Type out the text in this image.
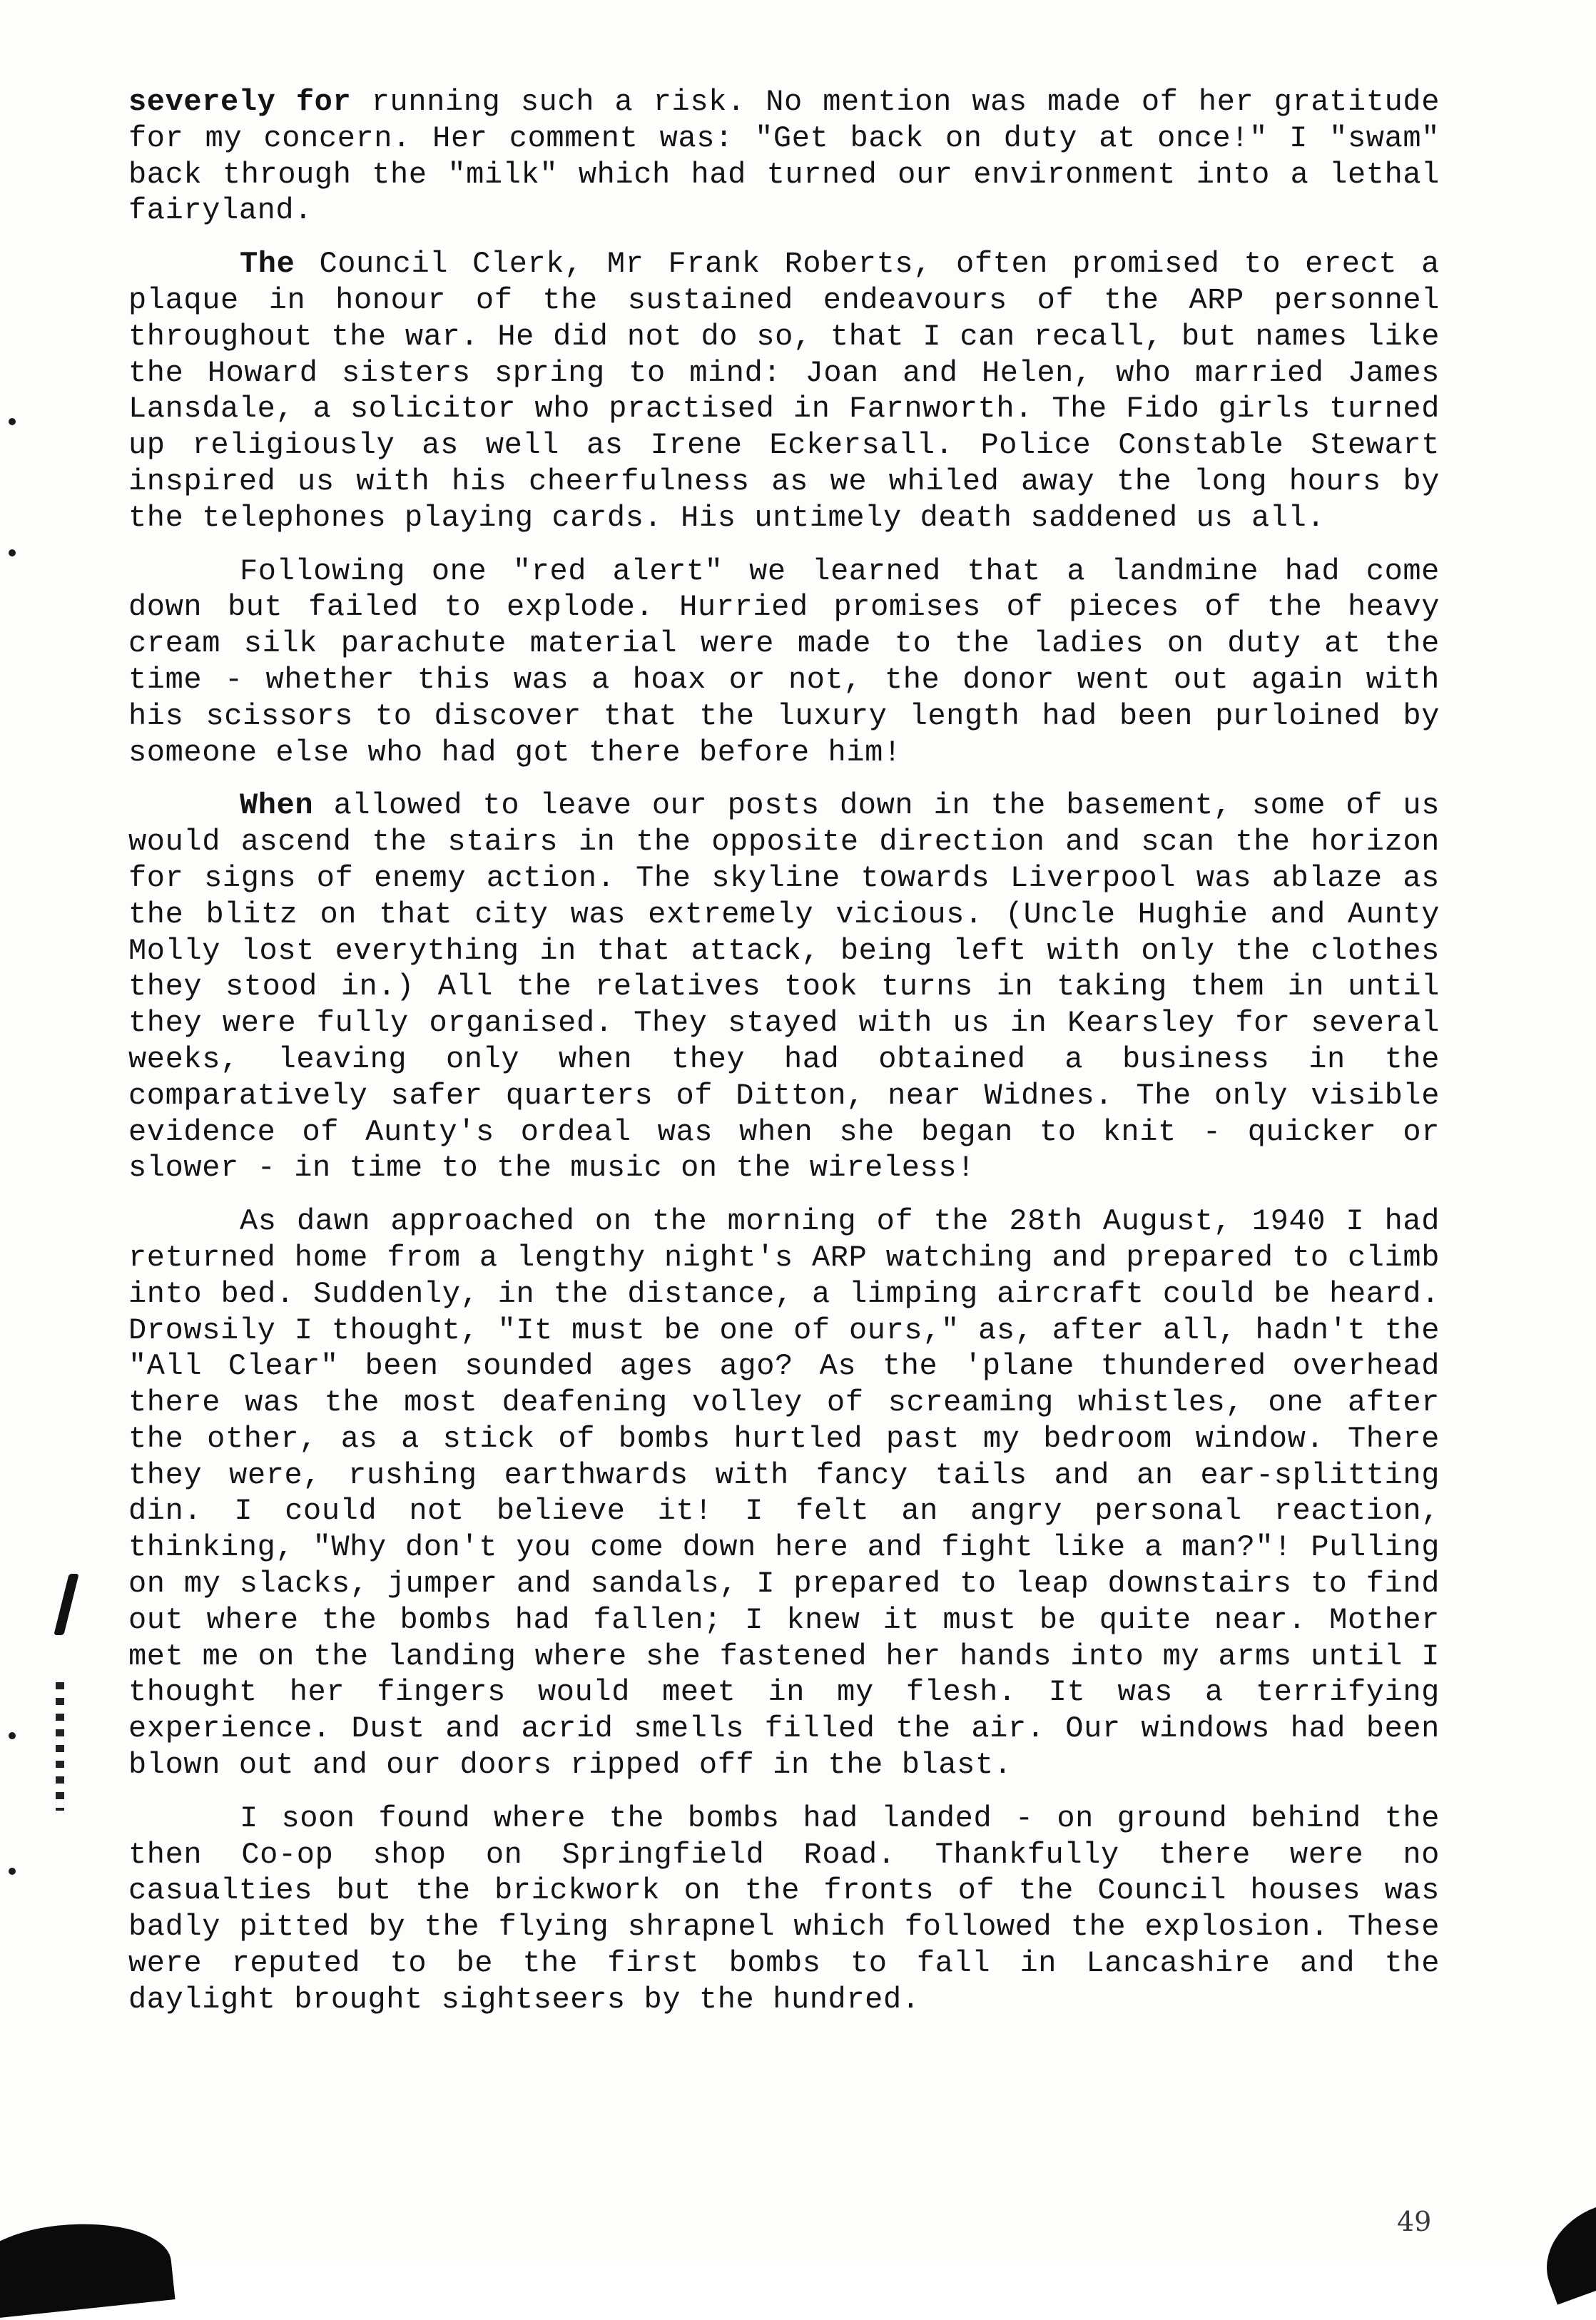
severely for running such a risk. No mention was made of her gratitude for my concern. Her comment was: "Get back on duty at once!" I "swam" back through the "milk" which had turned our environment into a lethal fairyland.

The Council Clerk, Mr Frank Roberts, often promised to erect a plaque in honour of the sustained endeavours of the ARP personnel throughout the war. He did not do so, that I can recall, but names like the Howard sisters spring to mind: Joan and Helen, who married James Lansdale, a solicitor who practised in Farnworth. The Fido girls turned up religiously as well as Irene Eckersall. Police Constable Stewart inspired us with his cheerfulness as we whiled away the long hours by the telephones playing cards. His untimely death saddened us all.

Following one "red alert" we learned that a landmine had come down but failed to explode. Hurried promises of pieces of the heavy cream silk parachute material were made to the ladies on duty at the time - whether this was a hoax or not, the donor went out again with his scissors to discover that the luxury length had been purloined by someone else who had got there before him!

When allowed to leave our posts down in the basement, some of us would ascend the stairs in the opposite direction and scan the horizon for signs of enemy action. The skyline towards Liverpool was ablaze as the blitz on that city was extremely vicious. (Uncle Hughie and Aunty Molly lost everything in that attack, being left with only the clothes they stood in.) All the relatives took turns in taking them in until they were fully organised. They stayed with us in Kearsley for several weeks, leaving only when they had obtained a business in the comparatively safer quarters of Ditton, near Widnes. The only visible evidence of Aunty's ordeal was when she began to knit - quicker or slower - in time to the music on the wireless!

As dawn approached on the morning of the 28th August, 1940 I had returned home from a lengthy night's ARP watching and prepared to climb into bed. Suddenly, in the distance, a limping aircraft could be heard. Drowsily I thought, "It must be one of ours," as, after all, hadn't the "All Clear" been sounded ages ago? As the 'plane thundered overhead there was the most deafening volley of screaming whistles, one after the other, as a stick of bombs hurtled past my bedroom window. There they were, rushing earthwards with fancy tails and an ear-splitting din. I could not believe it! I felt an angry personal reaction, thinking, "Why don't you come down here and fight like a man?"! Pulling on my slacks, jumper and sandals, I prepared to leap downstairs to find out where the bombs had fallen; I knew it must be quite near. Mother met me on the landing where she fastened her hands into my arms until I thought her fingers would meet in my flesh. It was a terrifying experience. Dust and acrid smells filled the air. Our windows had been blown out and our doors ripped off in the blast.

I soon found where the bombs had landed - on ground behind the then Co-op shop on Springfield Road. Thankfully there were no casualties but the brickwork on the fronts of the Council houses was badly pitted by the flying shrapnel which followed the explosion. These were reputed to be the first bombs to fall in Lancashire and the daylight brought sightseers by the hundred.

49
